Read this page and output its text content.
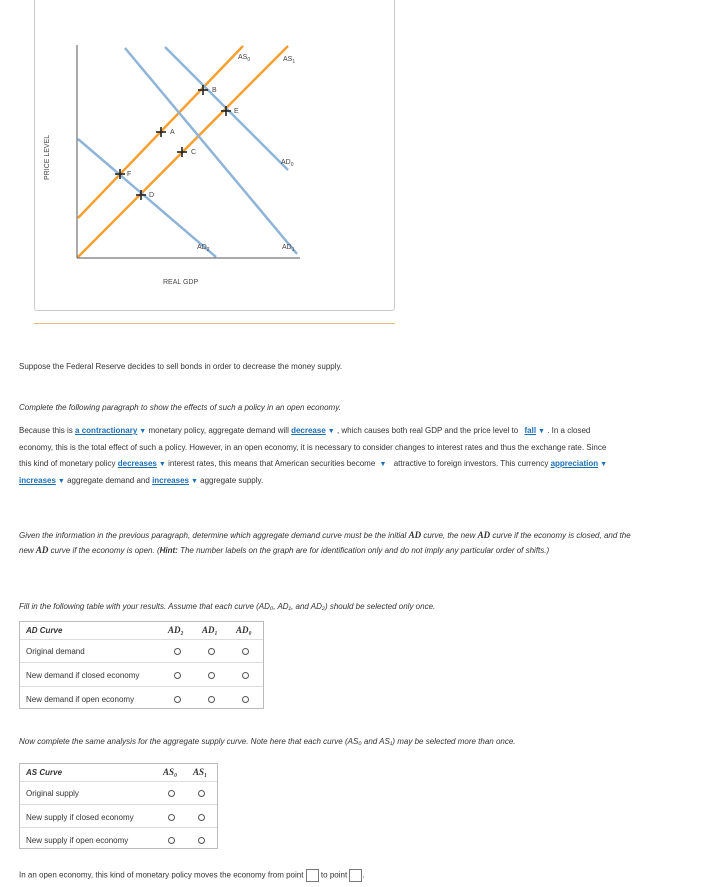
PRICE LEVEL
REAL GDP
$AS_0$	$AS_1$
$AD_0$
$AD_1$
$AD_2$
A
B
C
D
E
F
Suppose the Federal Reserve decides to sell bonds in order to decrease the money supply.
Complete the following paragraph to show the effects of such a policy in an open economy.
Because this is a contractionary ▼ monetary policy, aggregate demand will decrease ▼ , which causes both real GDP and the price level to fall ▼ . In a closed economy, this is the total effect of such a policy. However, in an open economy, it is necessary to consider changes to interest rates and thus the exchange rate. Since this kind of monetary policy decreases ▼ interest rates, this means that American securities become ▼ attractive to foreign investors. This currency appreciation ▼ increases ▼ aggregate demand and increases ▼ aggregate supply.
Given the information in the previous paragraph, determine which aggregate demand curve must be the initial AD curve, the new AD curve if the economy is closed, and the new AD curve if the economy is open. (Hint: The number labels on the graph are for identification only and do not imply any particular order of shifts.)
Fill in the following table with your results. Assume that each curve (AD₀, AD₁, and AD₂) should be selected only once.
AD Curve	AD₂ AD₁ AD₀
Original demand
New demand if closed economy
New demand if open economy
Now complete the same analysis for the aggregate supply curve. Note here that each curve (AS₀ and AS₁) may be selected more than once.
AS Curve	AS₀ AS₁
Original supply
New supply if closed economy
New supply if open economy
In an open economy, this kind of monetary policy moves the economy from point to point .
